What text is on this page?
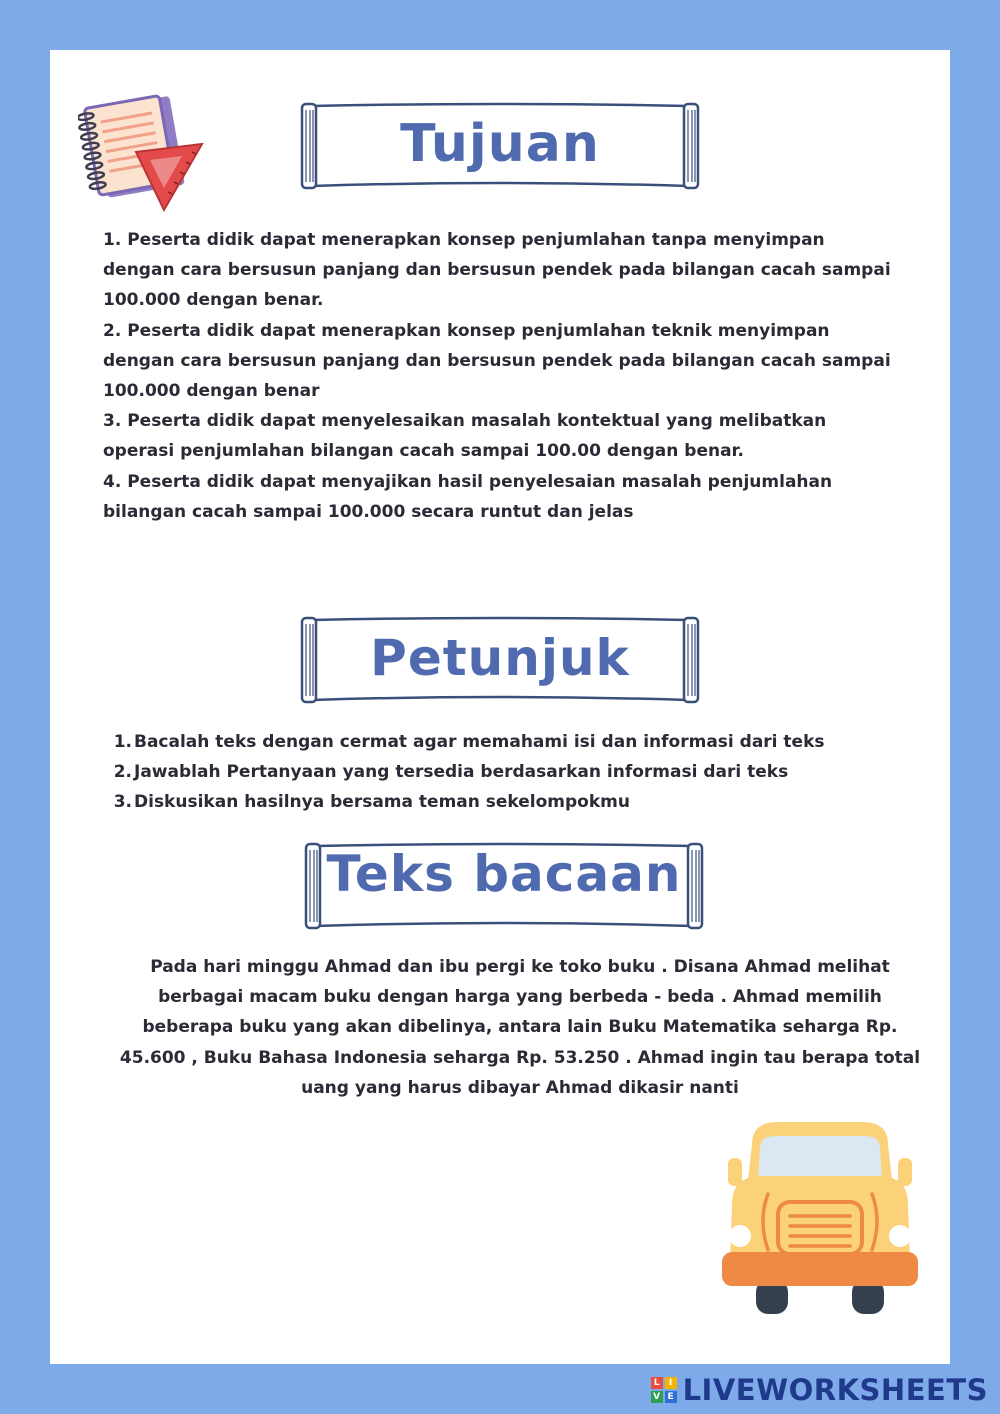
Tujuan
1. Peserta didik dapat menerapkan konsep penjumlahan tanpa menyimpan
dengan cara bersusun panjang dan bersusun pendek pada bilangan cacah sampai
100.000 dengan benar.
2. Peserta didik dapat menerapkan konsep penjumlahan teknik menyimpan
dengan cara bersusun panjang dan bersusun pendek pada bilangan cacah sampai
100.000 dengan benar
3. Peserta didik dapat menyelesaikan masalah kontektual yang melibatkan
operasi penjumlahan bilangan cacah sampai 100.00 dengan benar.
4. Peserta didik dapat menyajikan hasil penyelesaian masalah penjumlahan
bilangan cacah sampai 100.000 secara runtut dan jelas
Petunjuk
1. Bacalah teks dengan cermat agar memahami isi dan informasi dari teks
2. Jawablah Pertanyaan yang tersedia berdasarkan informasi dari teks
3. Diskusikan hasilnya bersama teman sekelompokmu
Teks bacaan
Pada hari minggu Ahmad dan ibu pergi ke toko buku . Disana Ahmad melihat
berbagai macam buku dengan harga yang berbeda - beda . Ahmad memilih
beberapa buku yang akan dibelinya, antara lain Buku Matematika seharga Rp.
45.600 , Buku Bahasa Indonesia seharga Rp. 53.250 . Ahmad ingin tau berapa total
uang yang harus dibayar Ahmad dikasir nanti
L	I
V E LIVEWORKSHEETS
